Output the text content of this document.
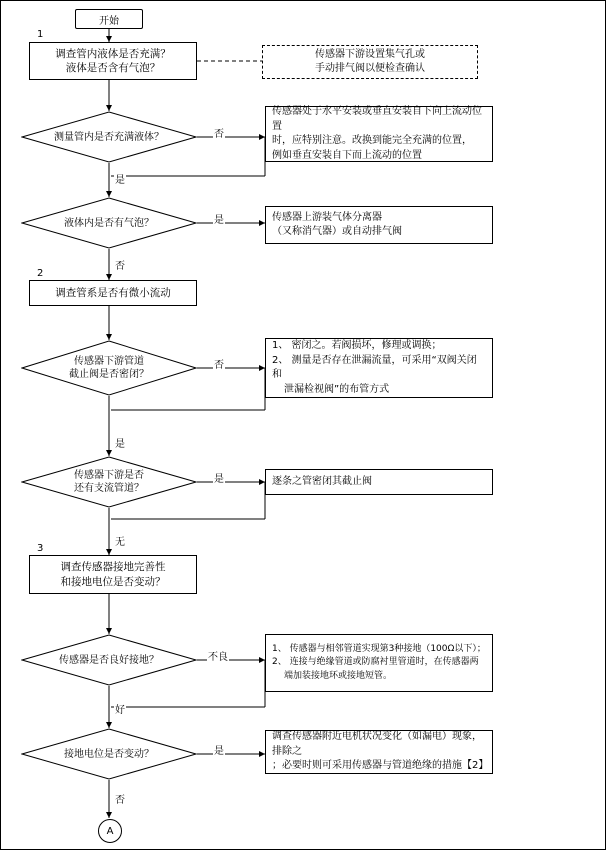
开始
1
调查管内液体是否充满？
液体是否含有气泡？
传感器下游设置集气孔或
手动排气阀以便检查确认
测量管内是否充满液体？	否
是
传感器处于水平安装或垂直安装自下向上流动位置
时，应特别注意。改换到能完全充满的位置，
例如垂直安装自下而上流动的位置
液体内是否有气泡？	是
否
传感器上游装气体分离器
（又称消气器）或自动排气阀
2
调查管系是否有微小流动
传感器下游管道
截止阀是否密闭？
否
是
1、 密闭之。若阀损坏，修理或调换；
2、 测量是否存在泄漏流量，可采用“双阀关闭和
泄漏检视阀”的布管方式
传感器下游是否
还有支流管道？
是
无
逐条之管密闭其截止阀
3
调查传感器接地完善性
和接地电位是否变动？
传感器是否良好接地？	不良
好
1、 传感器与相邻管道实现第3种接地（100Ω以下）；
2、 连接与绝缘管道或防腐衬里管道时，在传感器两
端加装接地环或接地短管。
接地电位是否变动？	是
否
调查传感器附近电机状况变化（如漏电）现象，排除之
；必要时则可采用传感器与管道绝缘的措施【2】
A
